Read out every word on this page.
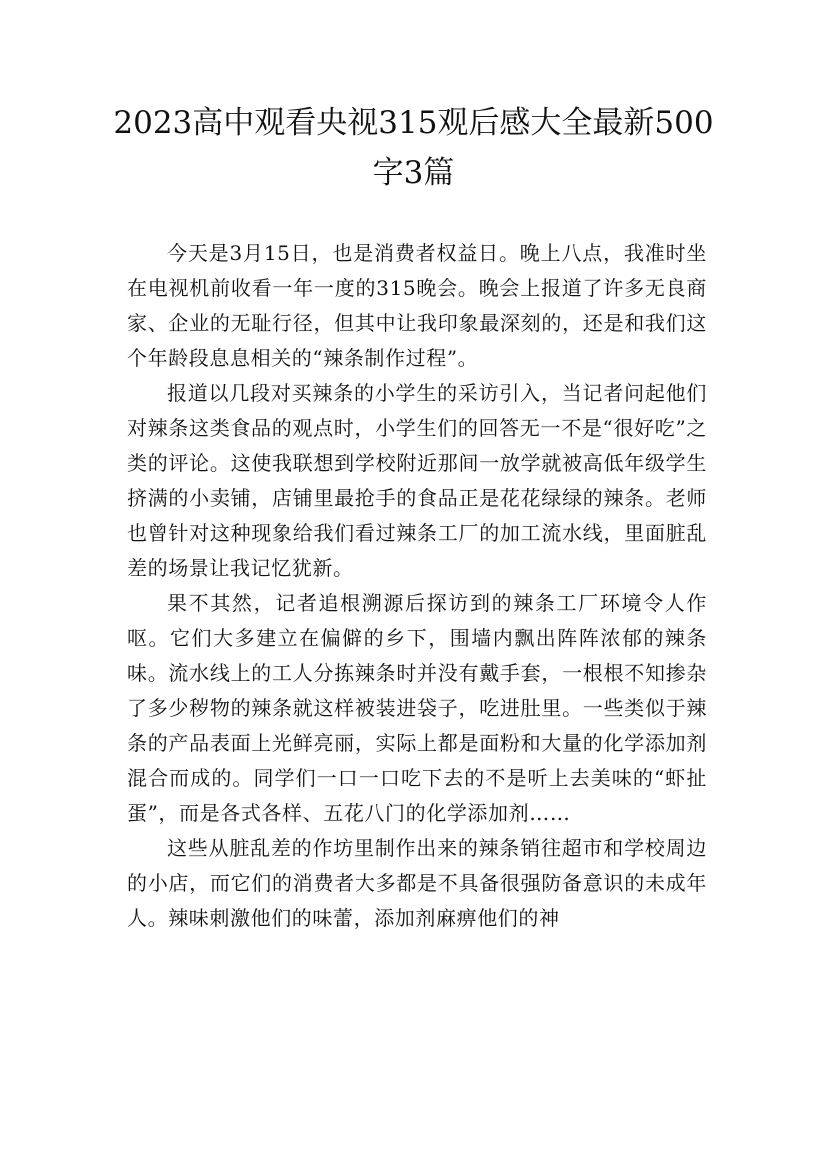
2023高中观看央视315观后感大全最新500字3篇

今天是3月15日，也是消费者权益日。晚上八点，我准时坐在电视机前收看一年一度的315晚会。晚会上报道了许多无良商家、企业的无耻行径，但其中让我印象最深刻的，还是和我们这个年龄段息息相关的“辣条制作过程”。

报道以几段对买辣条的小学生的采访引入，当记者问起他们对辣条这类食品的观点时，小学生们的回答无一不是“很好吃”之类的评论。这使我联想到学校附近那间一放学就被高低年级学生挤满的小卖铺，店铺里最抢手的食品正是花花绿绿的辣条。老师也曾针对这种现象给我们看过辣条工厂的加工流水线，里面脏乱差的场景让我记忆犹新。

果不其然，记者追根溯源后探访到的辣条工厂环境令人作呕。它们大多建立在偏僻的乡下，围墙内飘出阵阵浓郁的辣条味。流水线上的工人分拣辣条时并没有戴手套，一根根不知掺杂了多少秽物的辣条就这样被装进袋子，吃进肚里。一些类似于辣条的产品表面上光鲜亮丽，实际上都是面粉和大量的化学添加剂混合而成的。同学们一口一口吃下去的不是听上去美味的“虾扯蛋”，而是各式各样、五花八门的化学添加剂……

这些从脏乱差的作坊里制作出来的辣条销往超市和学校周边的小店，而它们的消费者大多都是不具备很强防备意识的未成年人。辣味刺激他们的味蕾，添加剂麻痹他们的神
